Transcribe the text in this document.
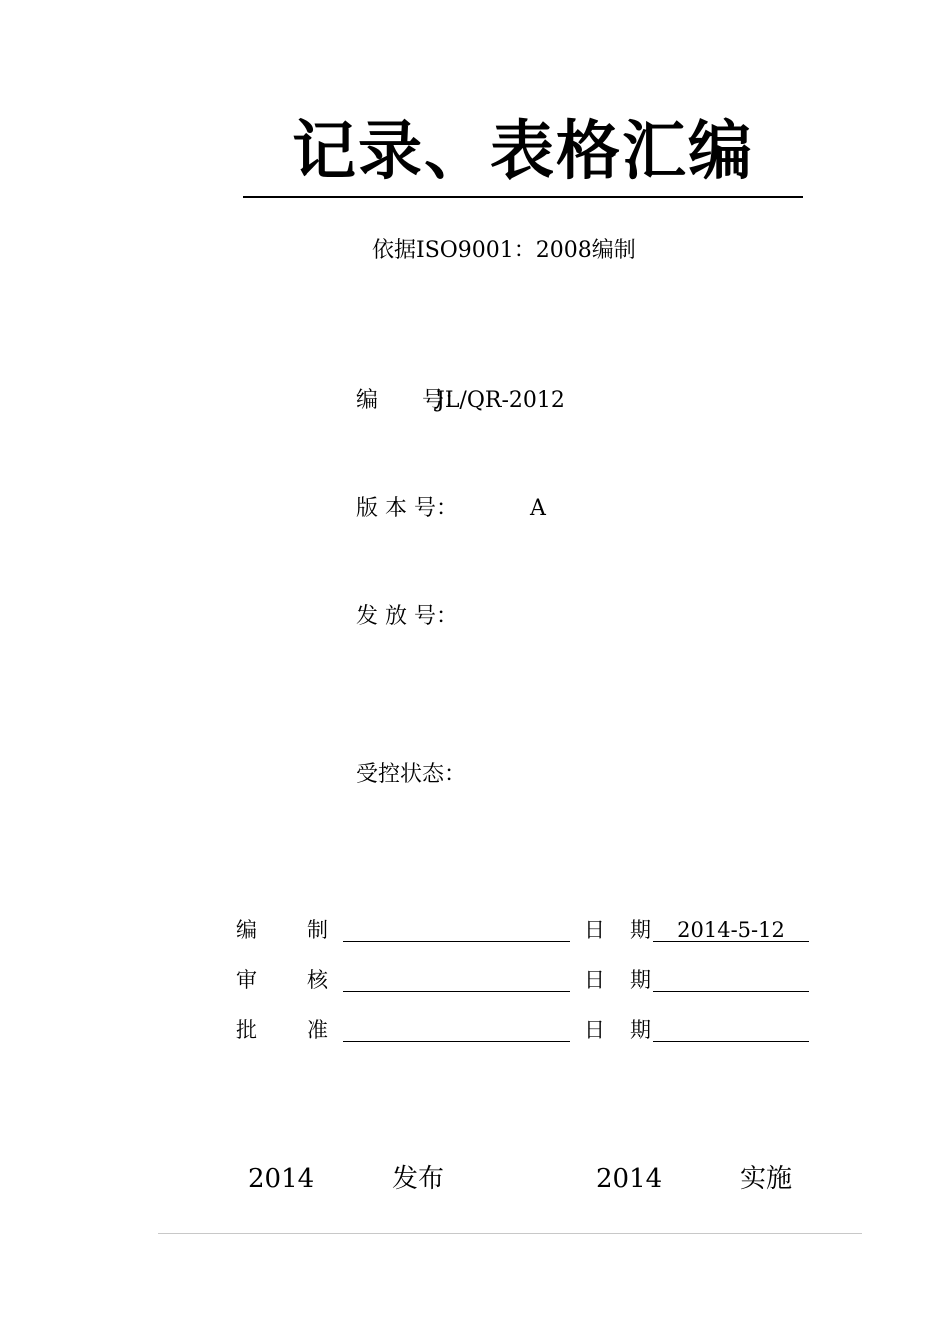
记录、表格汇编
依据ISO9001：2008编制
编　　号：JL/QR-2012
版 本 号：	A
发 放 号：
受控状态：
编 制	日 期	2014-5-12
审 核	日 期
批 准	日 期
2014	发布	2014	实施
